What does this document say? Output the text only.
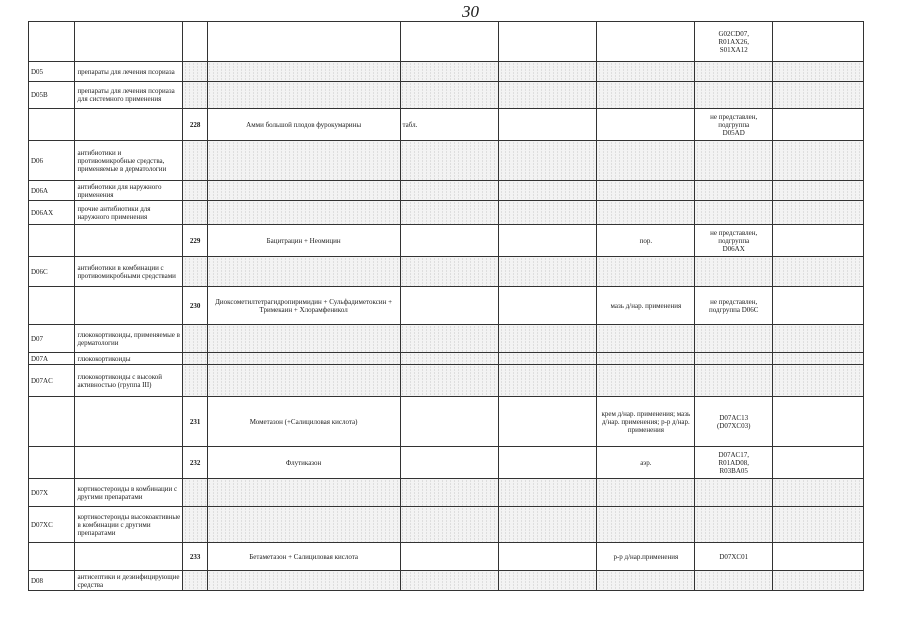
30
							G02CD07,
R01AX26,
S01XA12	
D05	препараты для лечения псориаза							
D05B	препараты для лечения псориаза для системного применения							
		228	Амми большой плодов фурокумарины	табл.			не представлен, подгруппа
D05AD	
D06	антибиотики и противомикробные средства, применяемые в дерматологии							
D06A	антибиотики для наружного применения							
D06AX	прочие антибиотики для наружного применения							
		229	Бацитрацин + Неомицин			пор.	не представлен, подгруппа
D06AX	
D06C	антибиотики в комбинации с противомикробными средствами							
		230	Диоксометилтетрагидропиримидин + Сульфадиметоксин + Тримекаин + Хлорамфеникол			мазь д/нар. применения	не представлен, подгруппа D06C	
D07	глюкокортикоиды, применяемые в дерматологии							
D07A	глюкокортикоиды							
D07AC	глюкокортикоиды с высокой активностью (группа III)							
		231	Мометазон (+Салициловая кислота)			крем д/нар. применения; мазь д/нар. применения; р-р д/нар. применения	D07AC13
(D07XC03)	
		232	Флутиказон			аэр.	D07AC17,
R01AD08,
R03BA05	
D07X	кортикостероиды в комбинации с другими препаратами							
D07XC	кортикостероиды высокоактивные в комбинации с другими препаратами							
		233	Бетаметазон + Салициловая кислота			р-р д/нар.применения	D07XC01	
D08	антисептики и дезинфицирующие средства							
